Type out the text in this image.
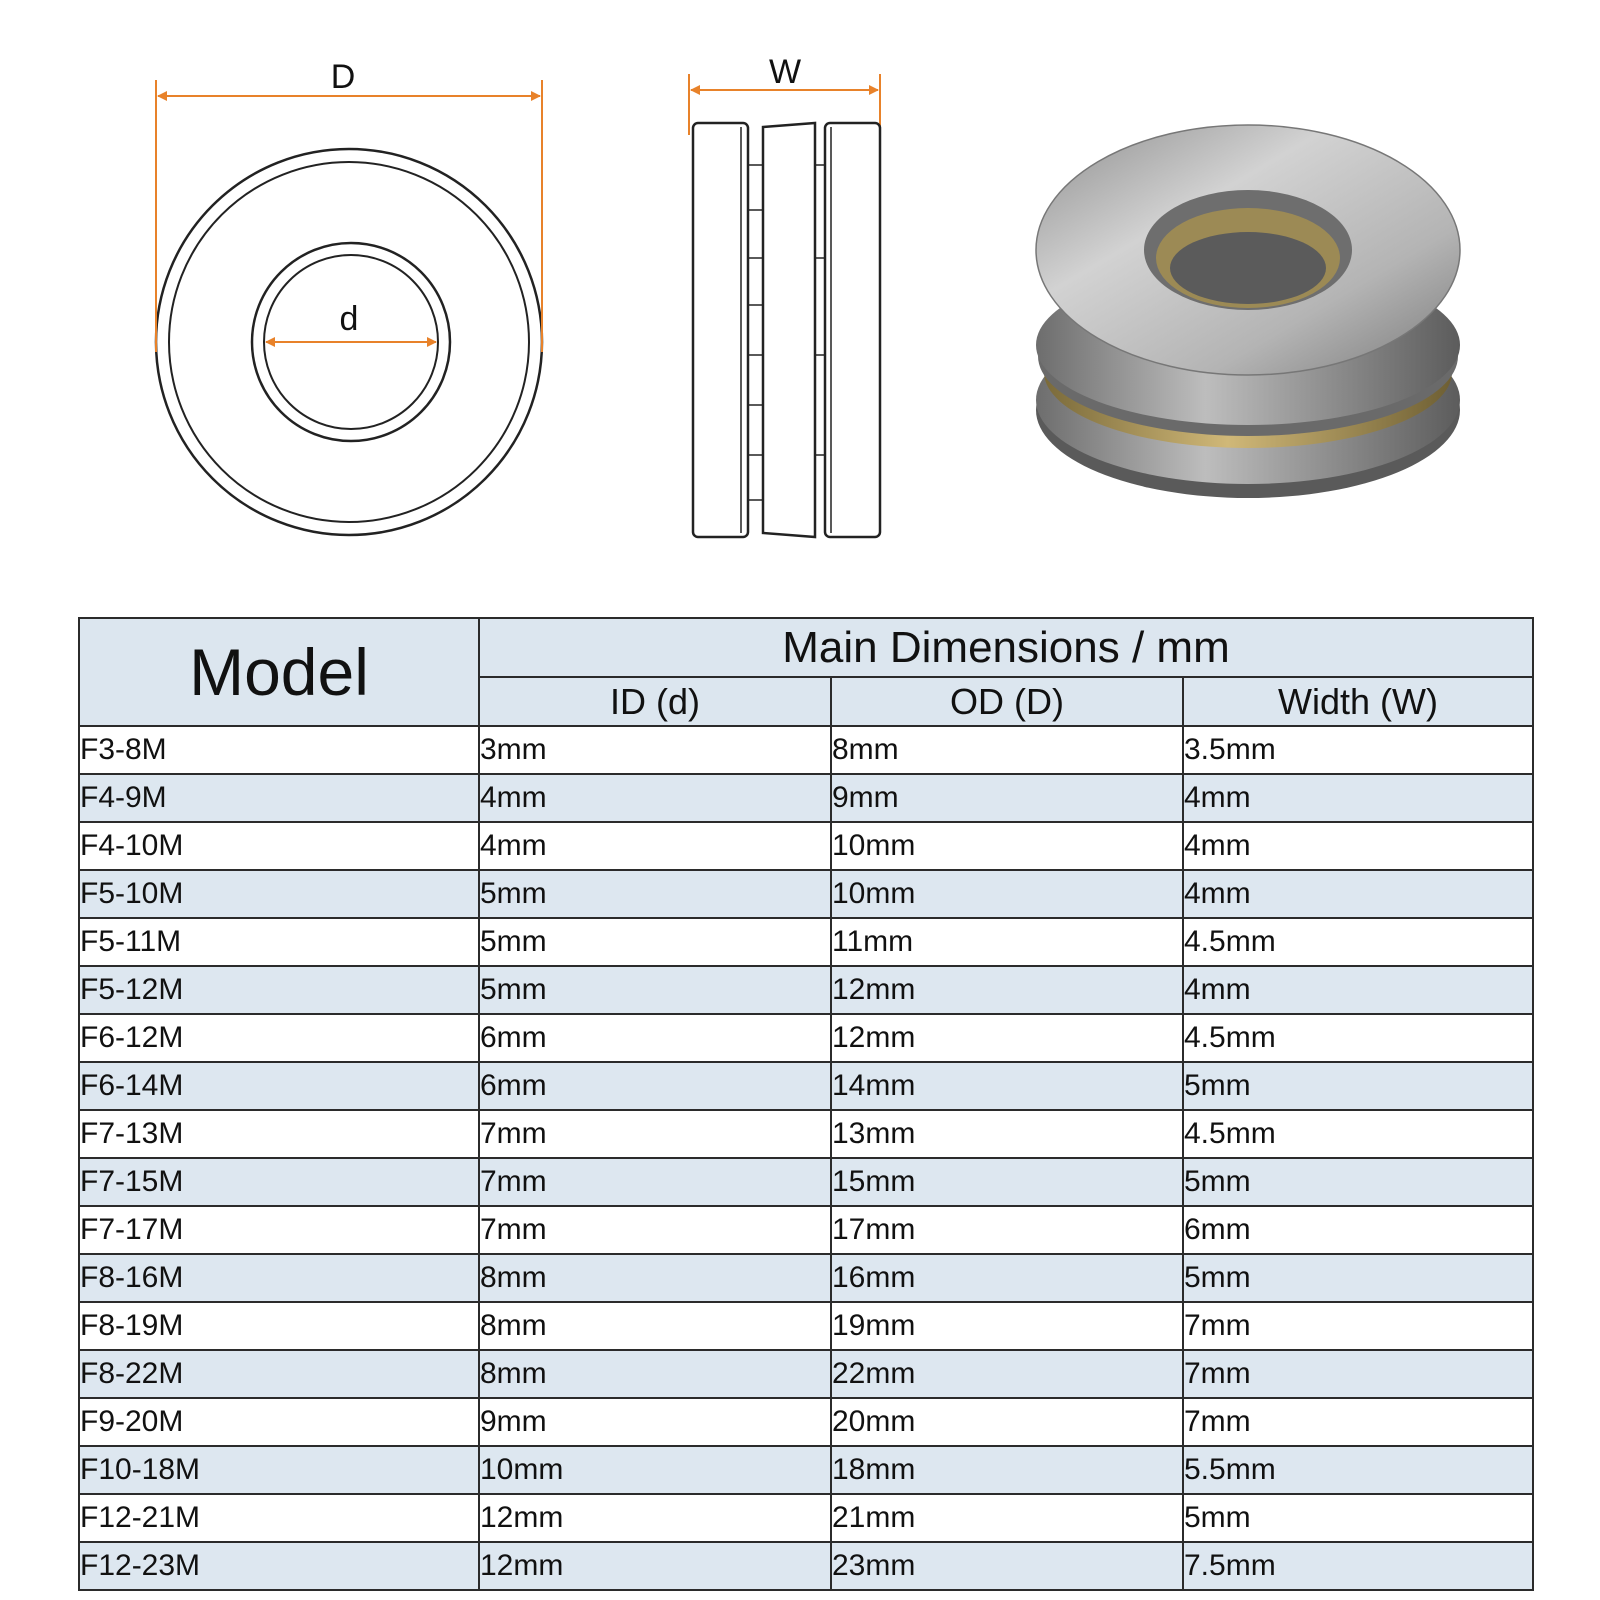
D
d
W
Model	Main Dimensions / mm		
	ID (d)	OD (D)	Width (W)
F3-8M	3mm	8mm	3.5mm
F4-9M	4mm	9mm	4mm
F4-10M	4mm	10mm	4mm
F5-10M	5mm	10mm	4mm
F5-11M	5mm	11mm	4.5mm
F5-12M	5mm	12mm	4mm
F6-12M	6mm	12mm	4.5mm
F6-14M	6mm	14mm	5mm
F7-13M	7mm	13mm	4.5mm
F7-15M	7mm	15mm	5mm
F7-17M	7mm	17mm	6mm
F8-16M	8mm	16mm	5mm
F8-19M	8mm	19mm	7mm
F8-22M	8mm	22mm	7mm
F9-20M	9mm	20mm	7mm
F10-18M	10mm	18mm	5.5mm
F12-21M	12mm	21mm	5mm
F12-23M	12mm	23mm	7.5mm
